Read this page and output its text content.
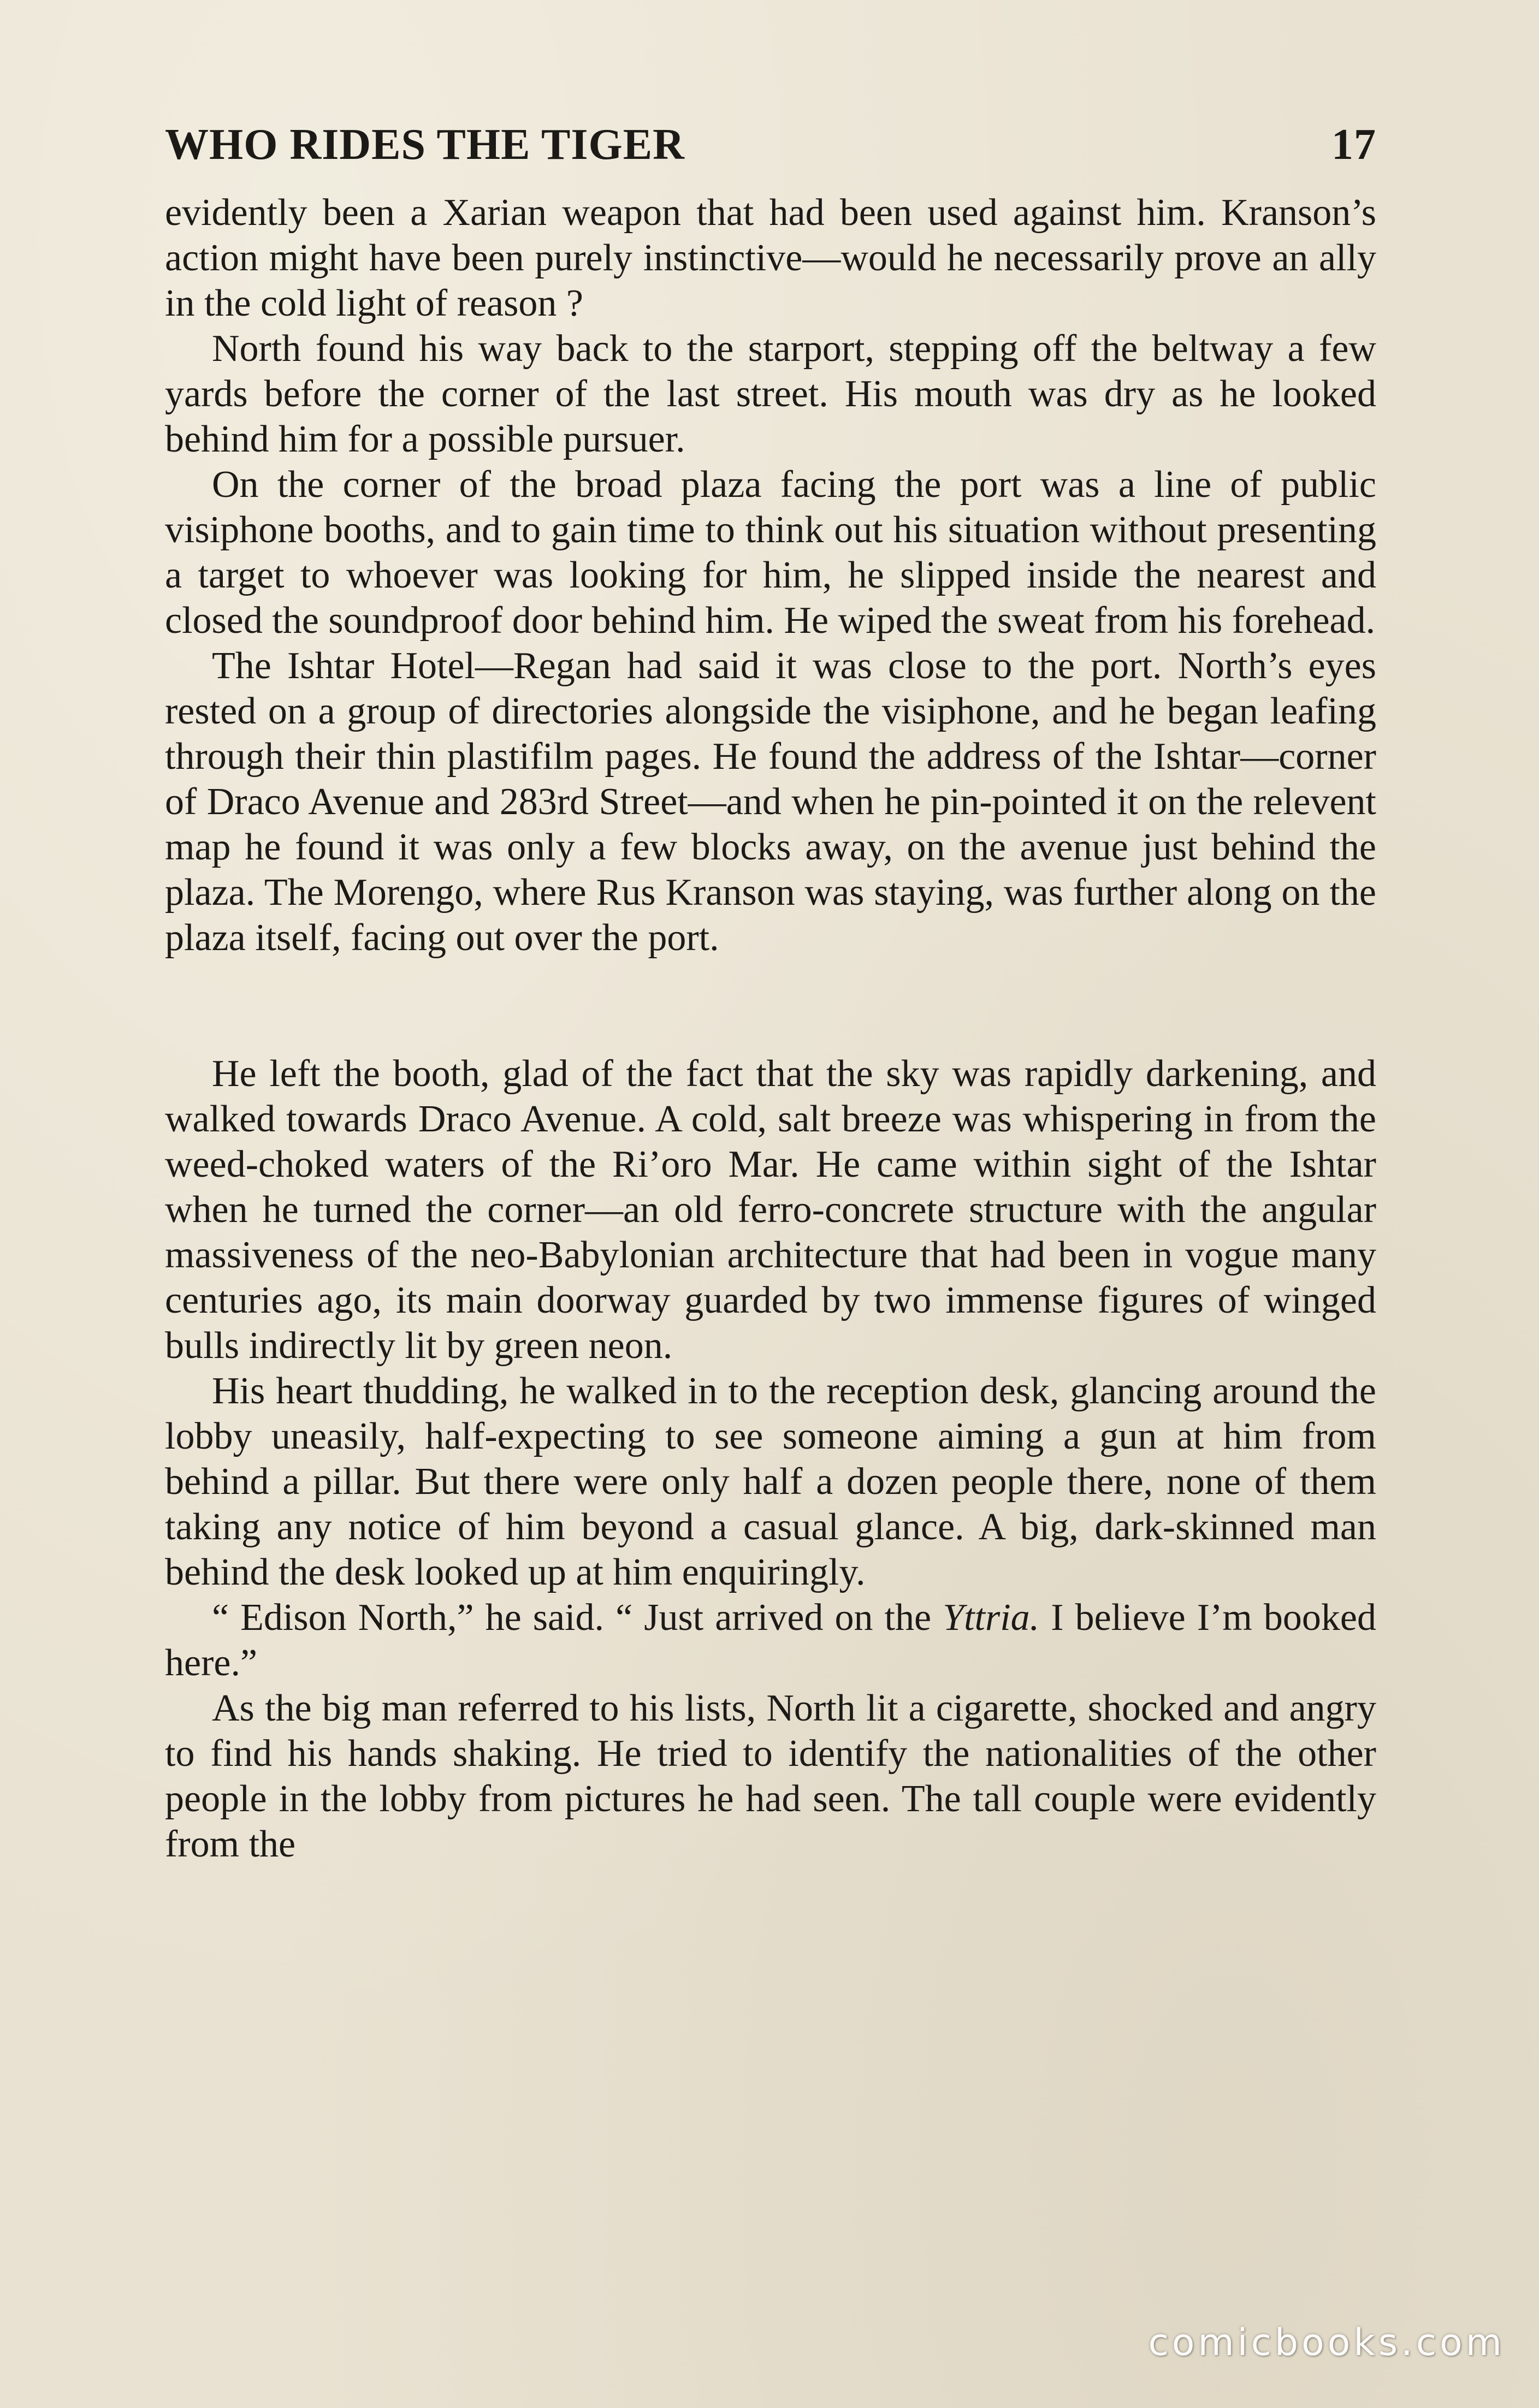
WHO RIDES THE TIGER	17

evidently been a Xarian weapon that had been used against him. Kranson’s action might have been purely instinctive—would he necessarily prove an ally in the cold light of reason ?

North found his way back to the starport, stepping off the beltway a few yards before the corner of the last street. His mouth was dry as he looked behind him for a possible pursuer.

On the corner of the broad plaza facing the port was a line of public visiphone booths, and to gain time to think out his situation without presenting a target to whoever was looking for him, he slipped inside the nearest and closed the soundproof door behind him. He wiped the sweat from his forehead.

The Ishtar Hotel—Regan had said it was close to the port. North’s eyes rested on a group of directories alongside the visiphone, and he began leafing through their thin plastifilm pages. He found the address of the Ishtar—corner of Draco Avenue and 283rd Street—and when he pin-pointed it on the relevent map he found it was only a few blocks away, on the avenue just behind the plaza. The Morengo, where Rus Kranson was staying, was further along on the plaza itself, facing out over the port.

He left the booth, glad of the fact that the sky was rapidly darkening, and walked towards Draco Avenue. A cold, salt breeze was whispering in from the weed-choked waters of the Ri’oro Mar. He came within sight of the Ishtar when he turned the corner—an old ferro-concrete structure with the angular massiveness of the neo-Babylonian architecture that had been in vogue many centuries ago, its main doorway guarded by two immense figures of winged bulls indirectly lit by green neon.

His heart thudding, he walked in to the reception desk, glancing around the lobby uneasily, half-expecting to see someone aiming a gun at him from behind a pillar. But there were only half a dozen people there, none of them taking any notice of him beyond a casual glance. A big, dark-skinned man behind the desk looked up at him enquiringly.

“ Edison North,” he said. “ Just arrived on the Yttria. I believe I’m booked here.”

As the big man referred to his lists, North lit a cigarette, shocked and angry to find his hands shaking. He tried to identify the nationalities of the other people in the lobby from pictures he had seen. The tall couple were evidently from the

comicbooks.com
